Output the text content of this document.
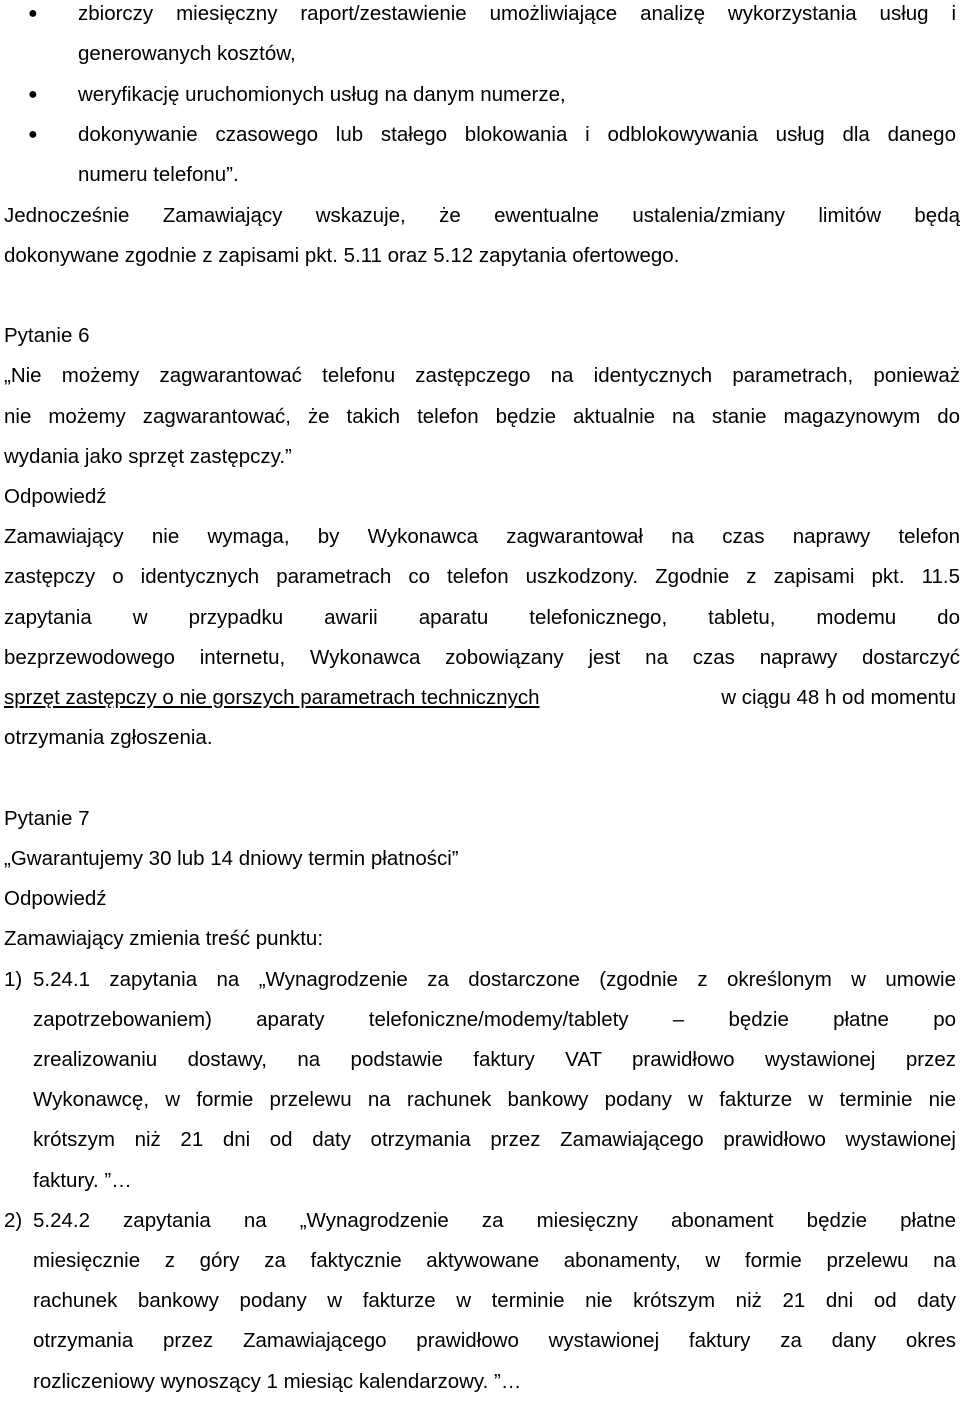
● zbiorczy miesięczny raport/zestawienie umożliwiające analizę wykorzystania usług i
generowanych kosztów,
● weryfikację uruchomionych usług na danym numerze,
● dokonywanie czasowego lub stałego blokowania i odblokowywania usług dla danego
numeru telefonu”.
Jednocześnie Zamawiający wskazuje, że ewentualne ustalenia/zmiany limitów będą
dokonywane zgodnie z zapisami pkt. 5.11 oraz 5.12 zapytania ofertowego.
Pytanie 6
„Nie możemy zagwarantować telefonu zastępczego na identycznych parametrach, ponieważ
nie możemy zagwarantować, że takich telefon będzie aktualnie na stanie magazynowym do
wydania jako sprzęt zastępczy.”
Odpowiedź
Zamawiający nie wymaga, by Wykonawca zagwarantował na czas naprawy telefon
zastępczy o identycznych parametrach co telefon uszkodzony. Zgodnie z zapisami pkt. 11.5
zapytania w przypadku awarii aparatu telefonicznego, tabletu, modemu do
bezprzewodowego internetu, Wykonawca zobowiązany jest na czas naprawy dostarczyć
sprzęt zastępczy o nie gorszych parametrach technicznych	w ciągu 48 h od momentu
otrzymania zgłoszenia.
Pytanie 7
„Gwarantujemy 30 lub 14 dniowy termin płatności”
Odpowiedź
Zamawiający zmienia treść punktu:
1) 5.24.1 zapytania na „Wynagrodzenie za dostarczone (zgodnie z określonym w umowie
zapotrzebowaniem) aparaty telefoniczne/modemy/tablety – będzie płatne po
zrealizowaniu dostawy, na podstawie faktury VAT prawidłowo wystawionej przez
Wykonawcę, w formie przelewu na rachunek bankowy podany w fakturze w terminie nie
krótszym niż 21 dni od daty otrzymania przez Zamawiającego prawidłowo wystawionej
faktury. ”…
2) 5.24.2 zapytania na „Wynagrodzenie za miesięczny abonament będzie płatne
miesięcznie z góry za faktycznie aktywowane abonamenty, w formie przelewu na
rachunek bankowy podany w fakturze w terminie nie krótszym niż 21 dni od daty
otrzymania przez Zamawiającego prawidłowo wystawionej faktury za dany okres
rozliczeniowy wynoszący 1 miesiąc kalendarzowy. ”…
